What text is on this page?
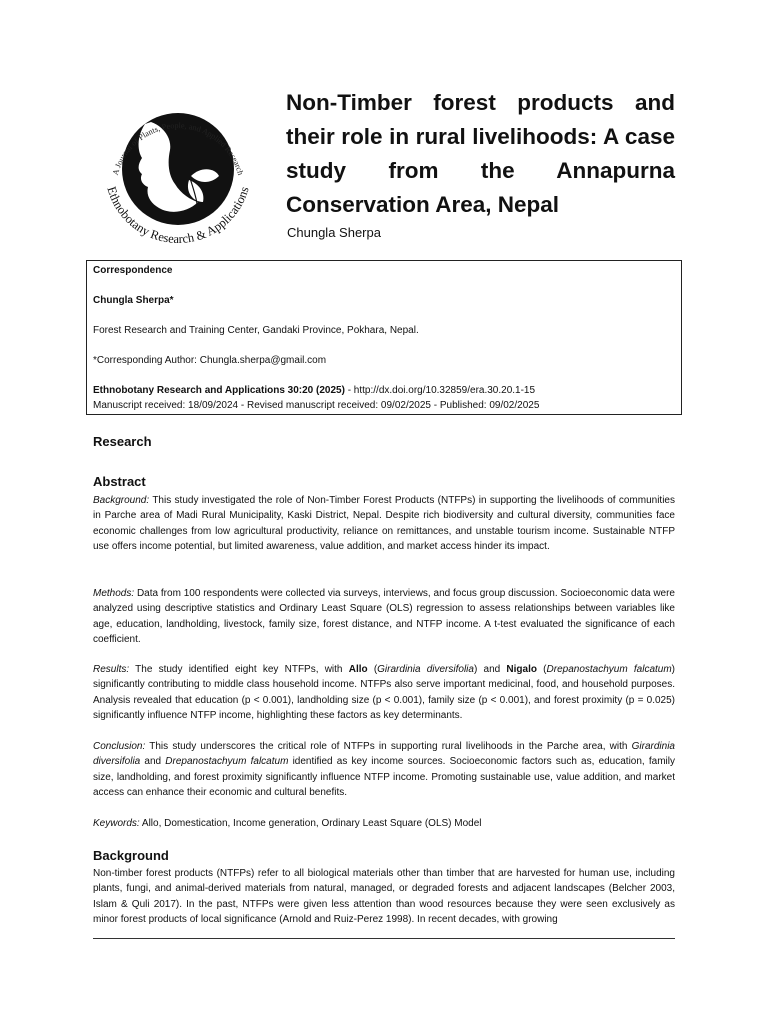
A Journal of Plants, People, and Applied Research
Ethnobotany Research & Applications
Non-Timber forest products and their role in rural livelihoods: A case study from the Annapurna Conservation Area, Nepal
Chungla Sherpa

Correspondence

Chungla Sherpa*

Forest Research and Training Center, Gandaki Province, Pokhara, Nepal.

*Corresponding Author: Chungla.sherpa@gmail.com

Ethnobotany Research and Applications 30:20 (2025) - http://dx.doi.org/10.32859/era.30.20.1-15

Manuscript received: 18/09/2024 - Revised manuscript received: 09/02/2025 - Published: 09/02/2025

Research

Abstract

Background: This study investigated the role of Non-Timber Forest Products (NTFPs) in supporting the livelihoods of communities in Parche area of Madi Rural Municipality, Kaski District, Nepal. Despite rich biodiversity and cultural diversity, communities face economic challenges from low agricultural productivity, reliance on remittances, and unstable tourism income. Sustainable NTFP use offers income potential, but limited awareness, value addition, and market access hinder its impact.

Methods: Data from 100 respondents were collected via surveys, interviews, and focus group discussion. Socioeconomic data were analyzed using descriptive statistics and Ordinary Least Square (OLS) regression to assess relationships between variables like age, education, landholding, livestock, family size, forest distance, and NTFP income. A t-test evaluated the significance of each coefficient.

Results: The study identified eight key NTFPs, with Allo (Girardinia diversifolia) and Nigalo (Drepanostachyum falcatum) significantly contributing to middle class household income. NTFPs also serve important medicinal, food, and household purposes. Analysis revealed that education (p < 0.001), landholding size (p < 0.001), family size (p < 0.001), and forest proximity (p = 0.025) significantly influence NTFP income, highlighting these factors as key determinants.

Conclusion: This study underscores the critical role of NTFPs in supporting rural livelihoods in the Parche area, with Girardinia diversifolia and Drepanostachyum falcatum identified as key income sources. Socioeconomic factors such as, education, family size, landholding, and forest proximity significantly influence NTFP income. Promoting sustainable use, value addition, and market access can enhance their economic and cultural benefits.

Keywords: Allo, Domestication, Income generation, Ordinary Least Square (OLS) Model

Background

Non-timber forest products (NTFPs) refer to all biological materials other than timber that are harvested for human use, including plants, fungi, and animal-derived materials from natural, managed, or degraded forests and adjacent landscapes (Belcher 2003, Islam & Quli 2017). In the past, NTFPs were given less attention than wood resources because they were seen exclusively as minor forest products of local significance (Arnold and Ruiz-Perez 1998). In recent decades, with growing
